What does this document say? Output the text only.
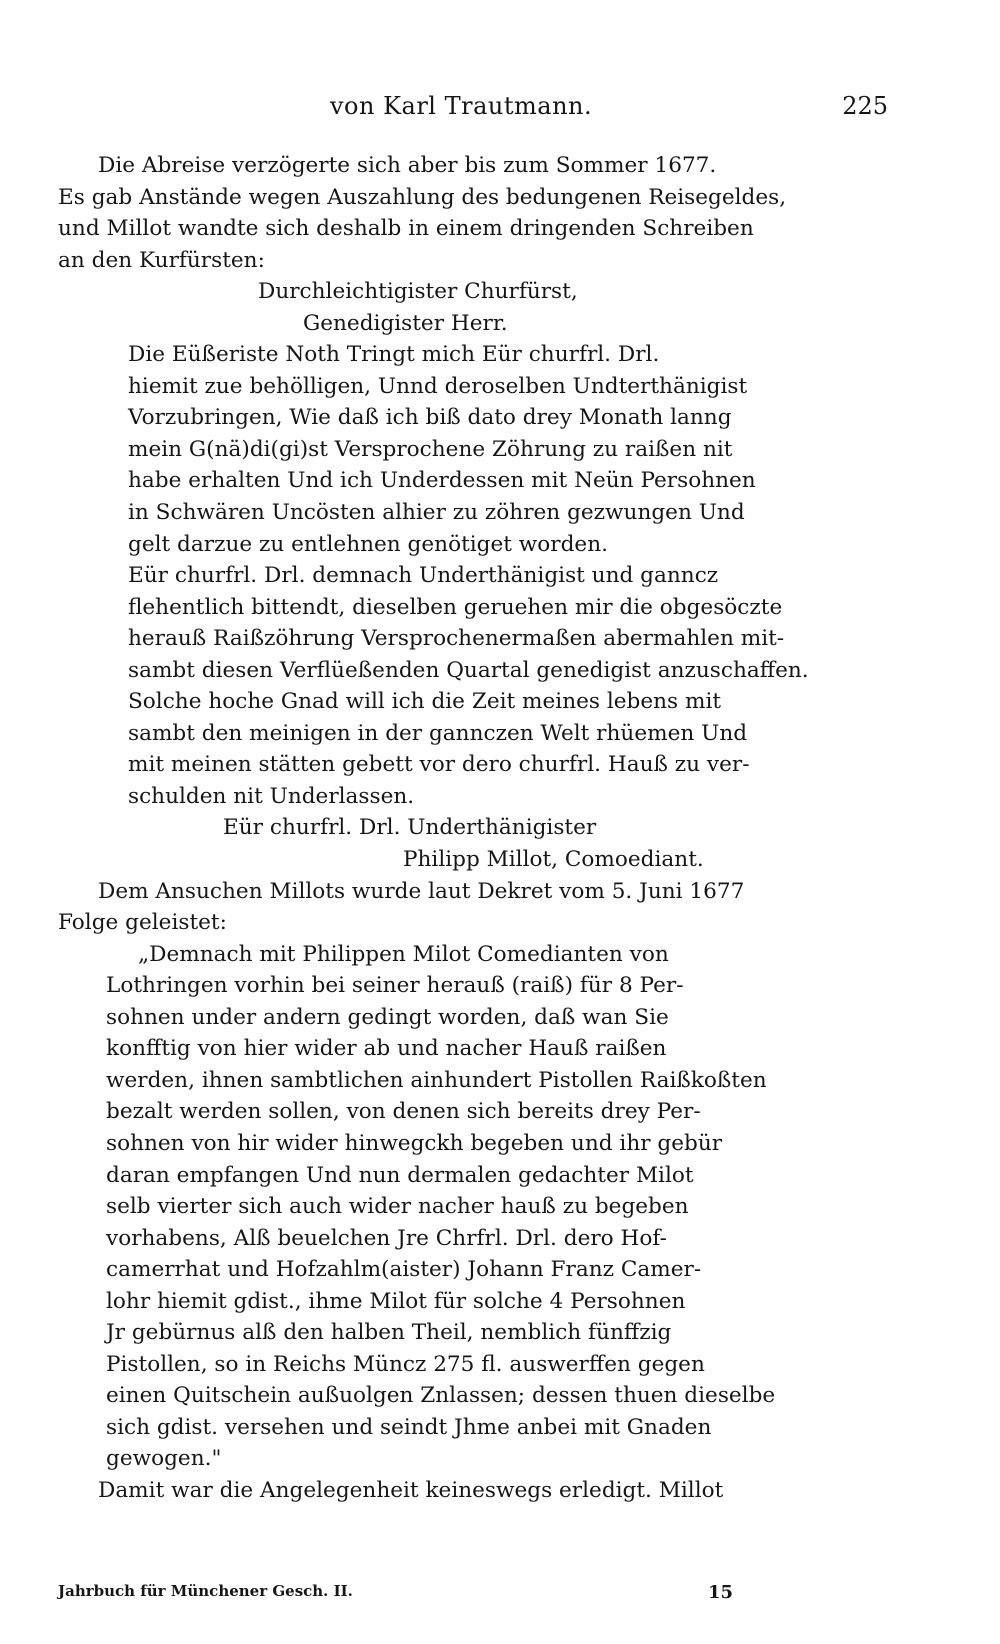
von Karl Trautmann.	225
Die Abreise verzögerte sich aber bis zum Sommer 1677.
Es gab Anstände wegen Auszahlung des bedungenen Reisegeldes,
und Millot wandte sich deshalb in einem dringenden Schreiben
an den Kurfürsten:
Durchleichtigister Churfürst,
Genedigister Herr.
Die Eüßeriste Noth Tringt mich Eür churfrl. Drl.
hiemit zue behölligen, Unnd deroselben Undterthänigist
Vorzubringen, Wie daß ich biß dato drey Monath lanng
mein G(nä)di(gi)st Versprochene Zöhrung zu raißen nit
habe erhalten Und ich Underdessen mit Neün Persohnen
in Schwären Uncösten alhier zu zöhren gezwungen Und
gelt darzue zu entlehnen genötiget worden.
Eür churfrl. Drl. demnach Underthänigist und ganncz
flehentlich bittendt, dieselben geruehen mir die obgesöczte
herauß Raißzöhrung Versprochenermaßen abermahlen mit-
sambt diesen Verflüeßenden Quartal genedigist anzuschaffen.
Solche hoche Gnad will ich die Zeit meines lebens mit
sambt den meinigen in der gannczen Welt rhüemen Und
mit meinen stätten gebett vor dero churfrl. Hauß zu ver-
schulden nit Underlassen.
Eür churfrl. Drl. Underthänigister
Philipp Millot, Comoediant.
Dem Ansuchen Millots wurde laut Dekret vom 5. Juni 1677
Folge geleistet:
„Demnach mit Philippen Milot Comedianten von
Lothringen vorhin bei seiner herauß (raiß) für 8 Per-
sohnen under andern gedingt worden, daß wan Sie
konfftig von hier wider ab und nacher Hauß raißen
werden, ihnen sambtlichen ainhundert Pistollen Raißkoßten
bezalt werden sollen, von denen sich bereits drey Per-
sohnen von hir wider hinwegckh begeben und ihr gebür
daran empfangen Und nun dermalen gedachter Milot
selb vierter sich auch wider nacher hauß zu begeben
vorhabens, Alß beuelchen Jre Chrfrl. Drl. dero Hof-
camerrhat und Hofzahlm(aister) Johann Franz Camer-
lohr hiemit gdist., ihme Milot für solche 4 Persohnen
Jr gebürnus alß den halben Theil, nemblich fünffzig
Pistollen, so in Reichs Müncz 275 fl. auswerffen gegen
einen Quitschein außuolgen Znlassen; dessen thuen dieselbe
sich gdist. versehen und seindt Jhme anbei mit Gnaden
gewogen."
Damit war die Angelegenheit keineswegs erledigt. Millot
Jahrbuch für Münchener Gesch. II.	15
